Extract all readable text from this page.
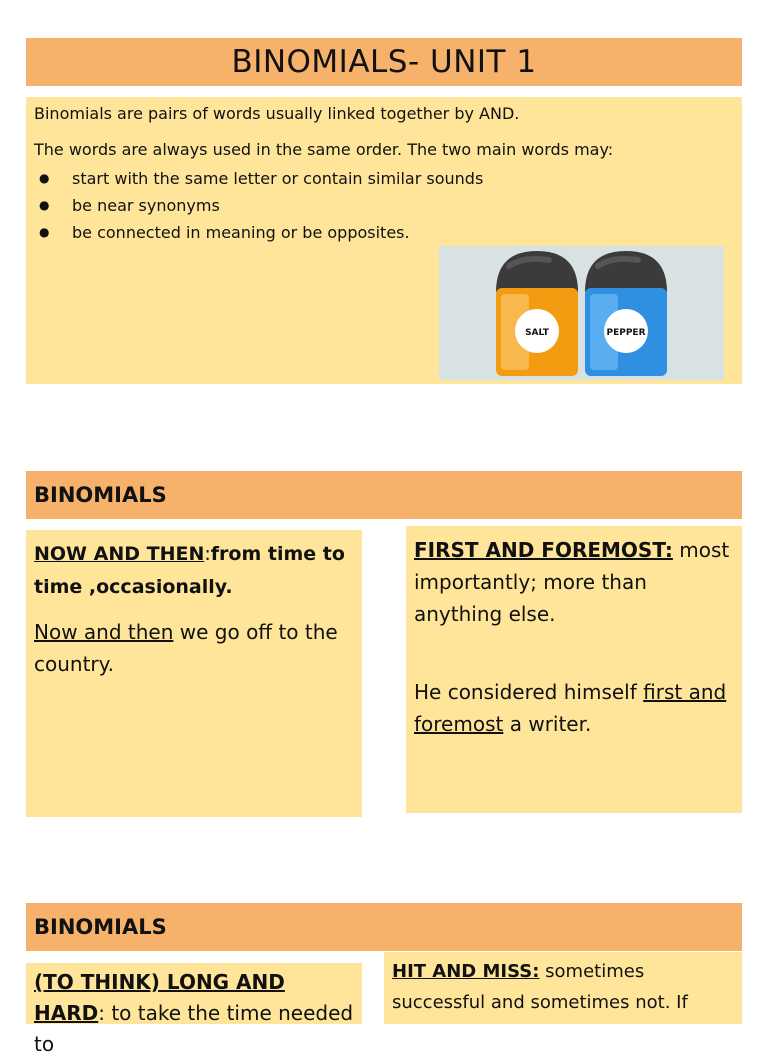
BINOMIALS- UNIT 1

Binomials are pairs of words usually linked together by AND.

The words are always used in the same order. The two main words may:

● start with the same letter or contain similar sounds
● be near synonyms
● be connected in meaning or be opposites.
SALT	PEPPER
BINOMIALS

NOW AND THEN:from time to time ,occasionally.

Now and then we go off to the country.

FIRST AND FOREMOST: most importantly; more than anything else.

He considered himself first and foremost a writer.

BINOMIALS

(TO THINK) LONG AND HARD: to take the time needed to

HIT AND MISS: sometimes successful and sometimes not. If
